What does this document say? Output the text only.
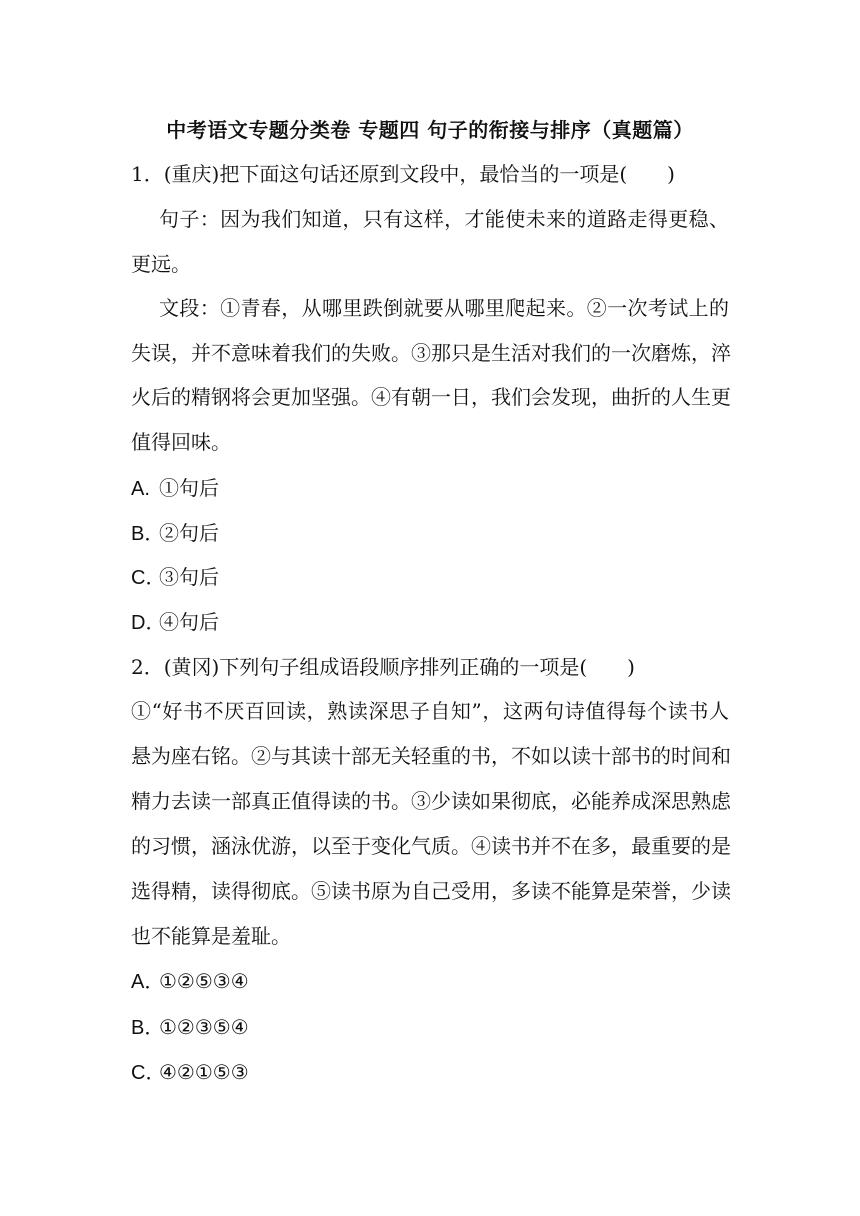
中考语文专题分类卷 专题四 句子的衔接与排序（真题篇）
1．(重庆)把下面这句话还原到文段中，最恰当的一项是(　　)
句子：因为我们知道，只有这样，才能使未来的道路走得更稳、
更远。
文段：①青春，从哪里跌倒就要从哪里爬起来。②一次考试上的
失误，并不意味着我们的失败。③那只是生活对我们的一次磨炼，淬
火后的精钢将会更加坚强。④有朝一日，我们会发现，曲折的人生更
值得回味。
A. ①句后
B．②句后
C．③句后
D．④句后
2．(黄冈)下列句子组成语段顺序排列正确的一项是(　　)
①“好书不厌百回读，熟读深思子自知”，这两句诗值得每个读书人
悬为座右铭。②与其读十部无关轻重的书，不如以读十部书的时间和
精力去读一部真正值得读的书。③少读如果彻底，必能养成深思熟虑
的习惯，涵泳优游，以至于变化气质。④读书并不在多，最重要的是
选得精，读得彻底。⑤读书原为自己受用，多读不能算是荣誉，少读
也不能算是羞耻。
A．①②⑤③④
B．①②③⑤④
C．④②①⑤③
